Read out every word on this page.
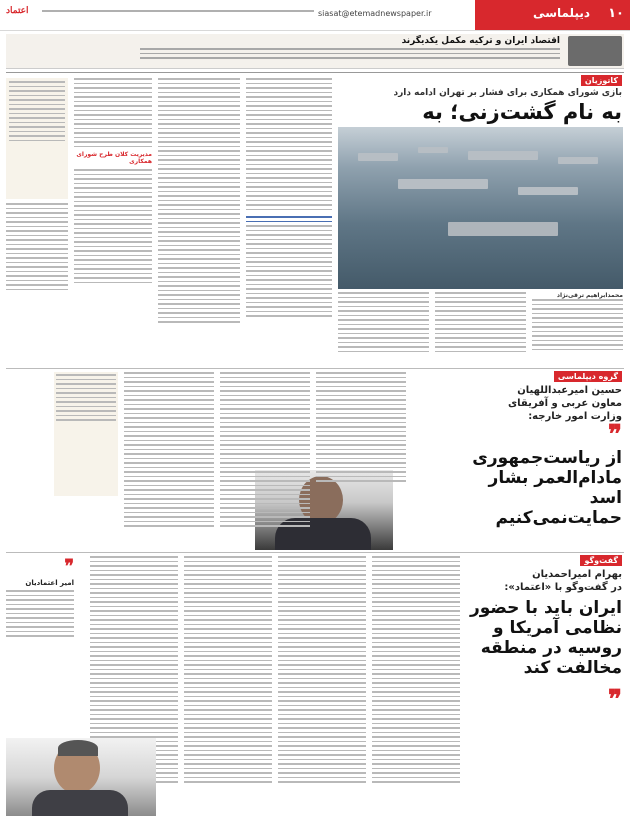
۱۰
دیپلماسی
siasat@etemadnewspaper.ir
اعتماد
اقتصاد ایران و ترکیه مکمل یکدیگرند
کاتوزیان
بازی شورای همکاری برای فشار بر تهران ادامه دارد
به نام گشت‌زنی؛ به
مدیریت کلان طرح شورای همکاری
محمدابراهیم ترقی‌نژاد
گروه دیپلماسی
حسین امیرعبداللهیان
معاون عربی و آفریقای
وزارت امور خارجه:
❞
از ریاست‌جمهوری مادام‌العمر بشار اسد حمایت‌نمی‌کنیم
گفت‌وگو
بهرام امیراحمدیان
در گفت‌وگو با «اعتماد»:
ایران باید با حضور نظامی آمریکا و روسیه در منطقه مخالفت کند
❞
❞
امیر اعتمادیان
